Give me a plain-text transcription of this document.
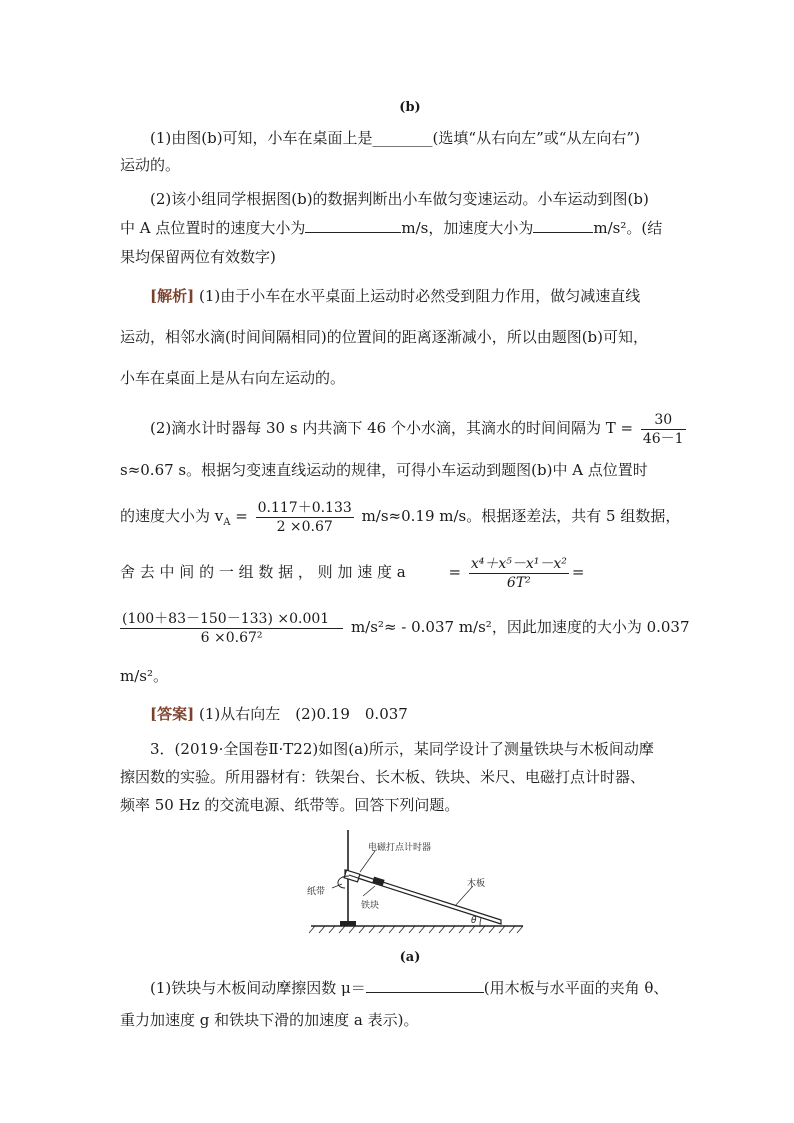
(b)
(1)由图(b)可知，小车在桌面上是________(选填“从右向左”或“从左向右”)
运动的。
(2)该小组同学根据图(b)的数据判断出小车做匀变速运动。小车运动到图(b)
中 A 点位置时的速度大小为	m/s，加速度大小为	m/s²。(结
果均保留两位有效数字)
[解析] (1)由于小车在水平桌面上运动时必然受到阻力作用，做匀减速直线
运动，相邻水滴(时间间隔相同)的位置间的距离逐渐减小，所以由题图(b)可知，
小车在桌面上是从右向左运动的。
(2)滴水计时器每 30 s 内共滴下 46 个小水滴，其滴水的时间间隔为 $T = \frac{30}{46-1}$
s≈0.67 s。根据匀变速直线运动的规律，可得小车运动到题图(b)中 A 点位置时
的速度大小为 $v_A = \frac{0.117+0.133}{2 \times 0.67} m/s\approx 0.19$ m/s。根据逐差法，共有 5 组数据，
舍 去 中 间 的 一 组 数 据 ， 则 加 速 度 a	= $\frac{\text{x⁴＋x⁵－x¹－x²}}{\text{6T²}}$ =
$\frac{(100+83-150-133) \times 0.001}{\text{6 ×0.67²}} m/s^2\approx - 0.037$ m/s²，因此加速度的大小为 0.037
m/s²。
[答案] (1)从右向左　(2)0.19　0.037
3．(2019·全国卷Ⅱ·T22)如图(a)所示，某同学设计了测量铁块与木板间动摩
擦因数的实验。所用器材有：铁架台、长木板、铁块、米尺、电磁打点计时器、
频率 50 Hz 的交流电源、纸带等。回答下列问题。
电磁打点计时器
纸带
铁块
木板
θ
(a)
(1)铁块与木板间动摩擦因数 μ＝	(用木板与水平面的夹角 θ、
重力加速度 g 和铁块下滑的加速度 a 表示)。
